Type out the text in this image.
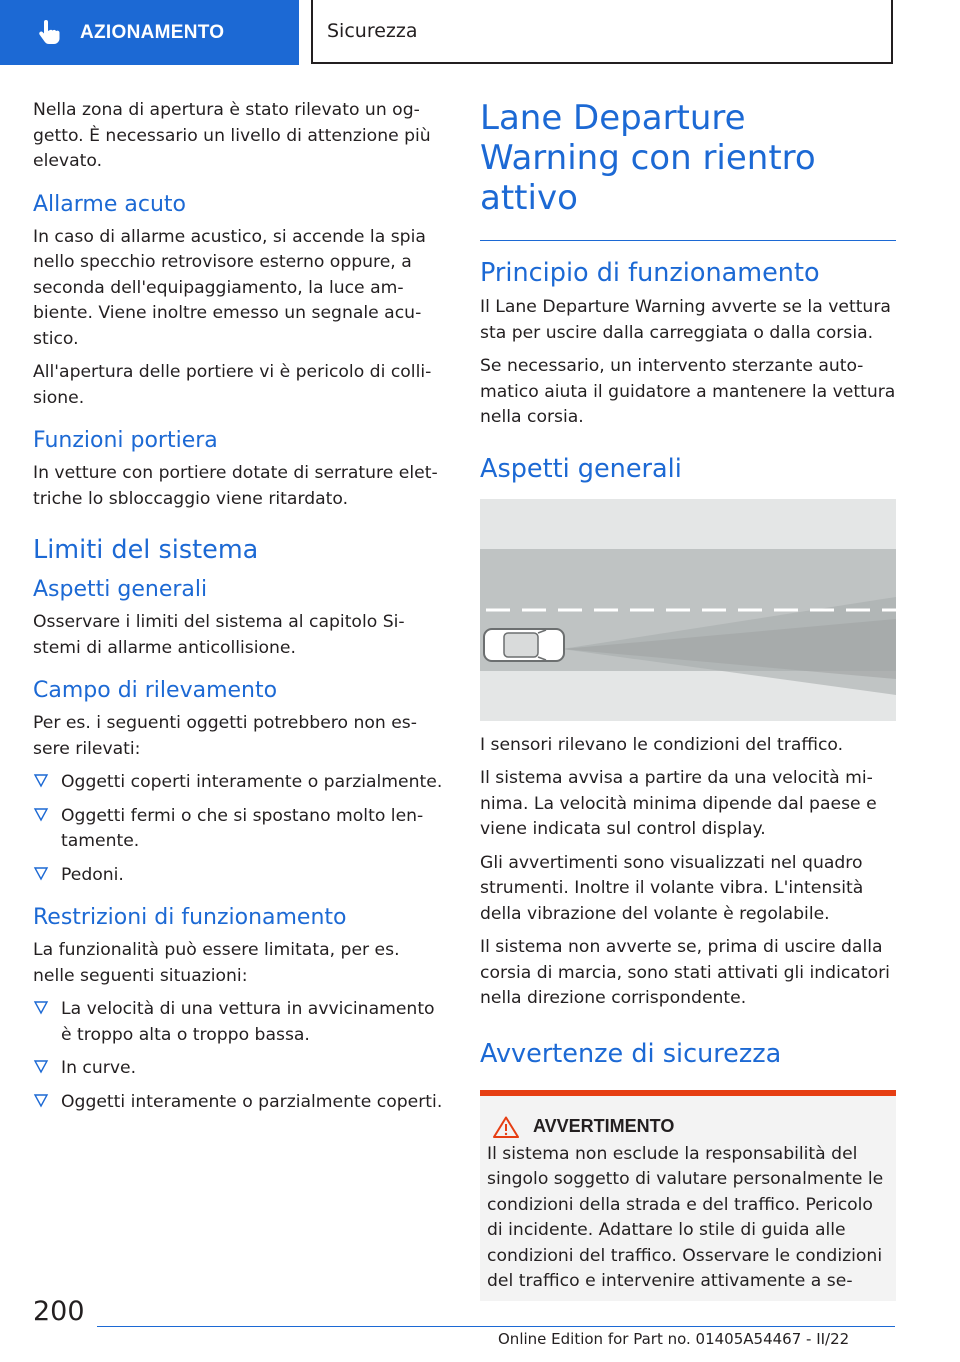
AZIONAMENTO	Sicurezza

Nella zona di apertura è stato rilevato un oggetto. È necessario un livello di attenzione più elevato.

Allarme acuto

In caso di allarme acustico, si accende la spia nello specchio retrovisore esterno oppure, a seconda dell'equipaggiamento, la luce ambiente. Viene inoltre emesso un segnale acustico.

All'apertura delle portiere vi è pericolo di collisione.

Funzioni portiera

In vetture con portiere dotate di serrature elettriche lo sbloccaggio viene ritardato.

Limiti del sistema
Aspetti generali

Osservare i limiti del sistema al capitolo Sistemi di allarme anticollisione.

Campo di rilevamento

Per es. i seguenti oggetti potrebbero non essere rilevati:

Oggetti coperti interamente o parzialmente.
Oggetti fermi o che si spostano molto lentamente.
Pedoni.
Restrizioni di funzionamento

La funzionalità può essere limitata, per es. nelle seguenti situazioni:

La velocità di una vettura in avvicinamento è troppo alta o troppo bassa.
In curve.
Oggetti interamente o parzialmente coperti.
Lane Departure Warning con rientro attivo
Principio di funzionamento

Il Lane Departure Warning avverte se la vettura sta per uscire dalla carreggiata o dalla corsia.

Se necessario, un intervento sterzante automatico aiuta il guidatore a mantenere la vettura nella corsia.

Aspetti generali

I sensori rilevano le condizioni del traffico.

Il sistema avvisa a partire da una velocità minima. La velocità minima dipende dal paese e viene indicata sul control display.

Gli avvertimenti sono visualizzati nel quadro strumenti. Inoltre il volante vibra. L'intensità della vibrazione del volante è regolabile.

Il sistema non avverte se, prima di uscire dalla corsia di marcia, sono stati attivati gli indicatori nella direzione corrispondente.

Avvertenze di sicurezza
AVVERTIMENTO

Il sistema non esclude la responsabilità del singolo soggetto di valutare personalmente le condizioni della strada e del traffico. Pericolo di incidente. Adattare lo stile di guida alle condizioni del traffico. Osservare le condizioni del traffico e intervenire attivamente a se-

200
Online Edition for Part no. 01405A54467 - II/22
